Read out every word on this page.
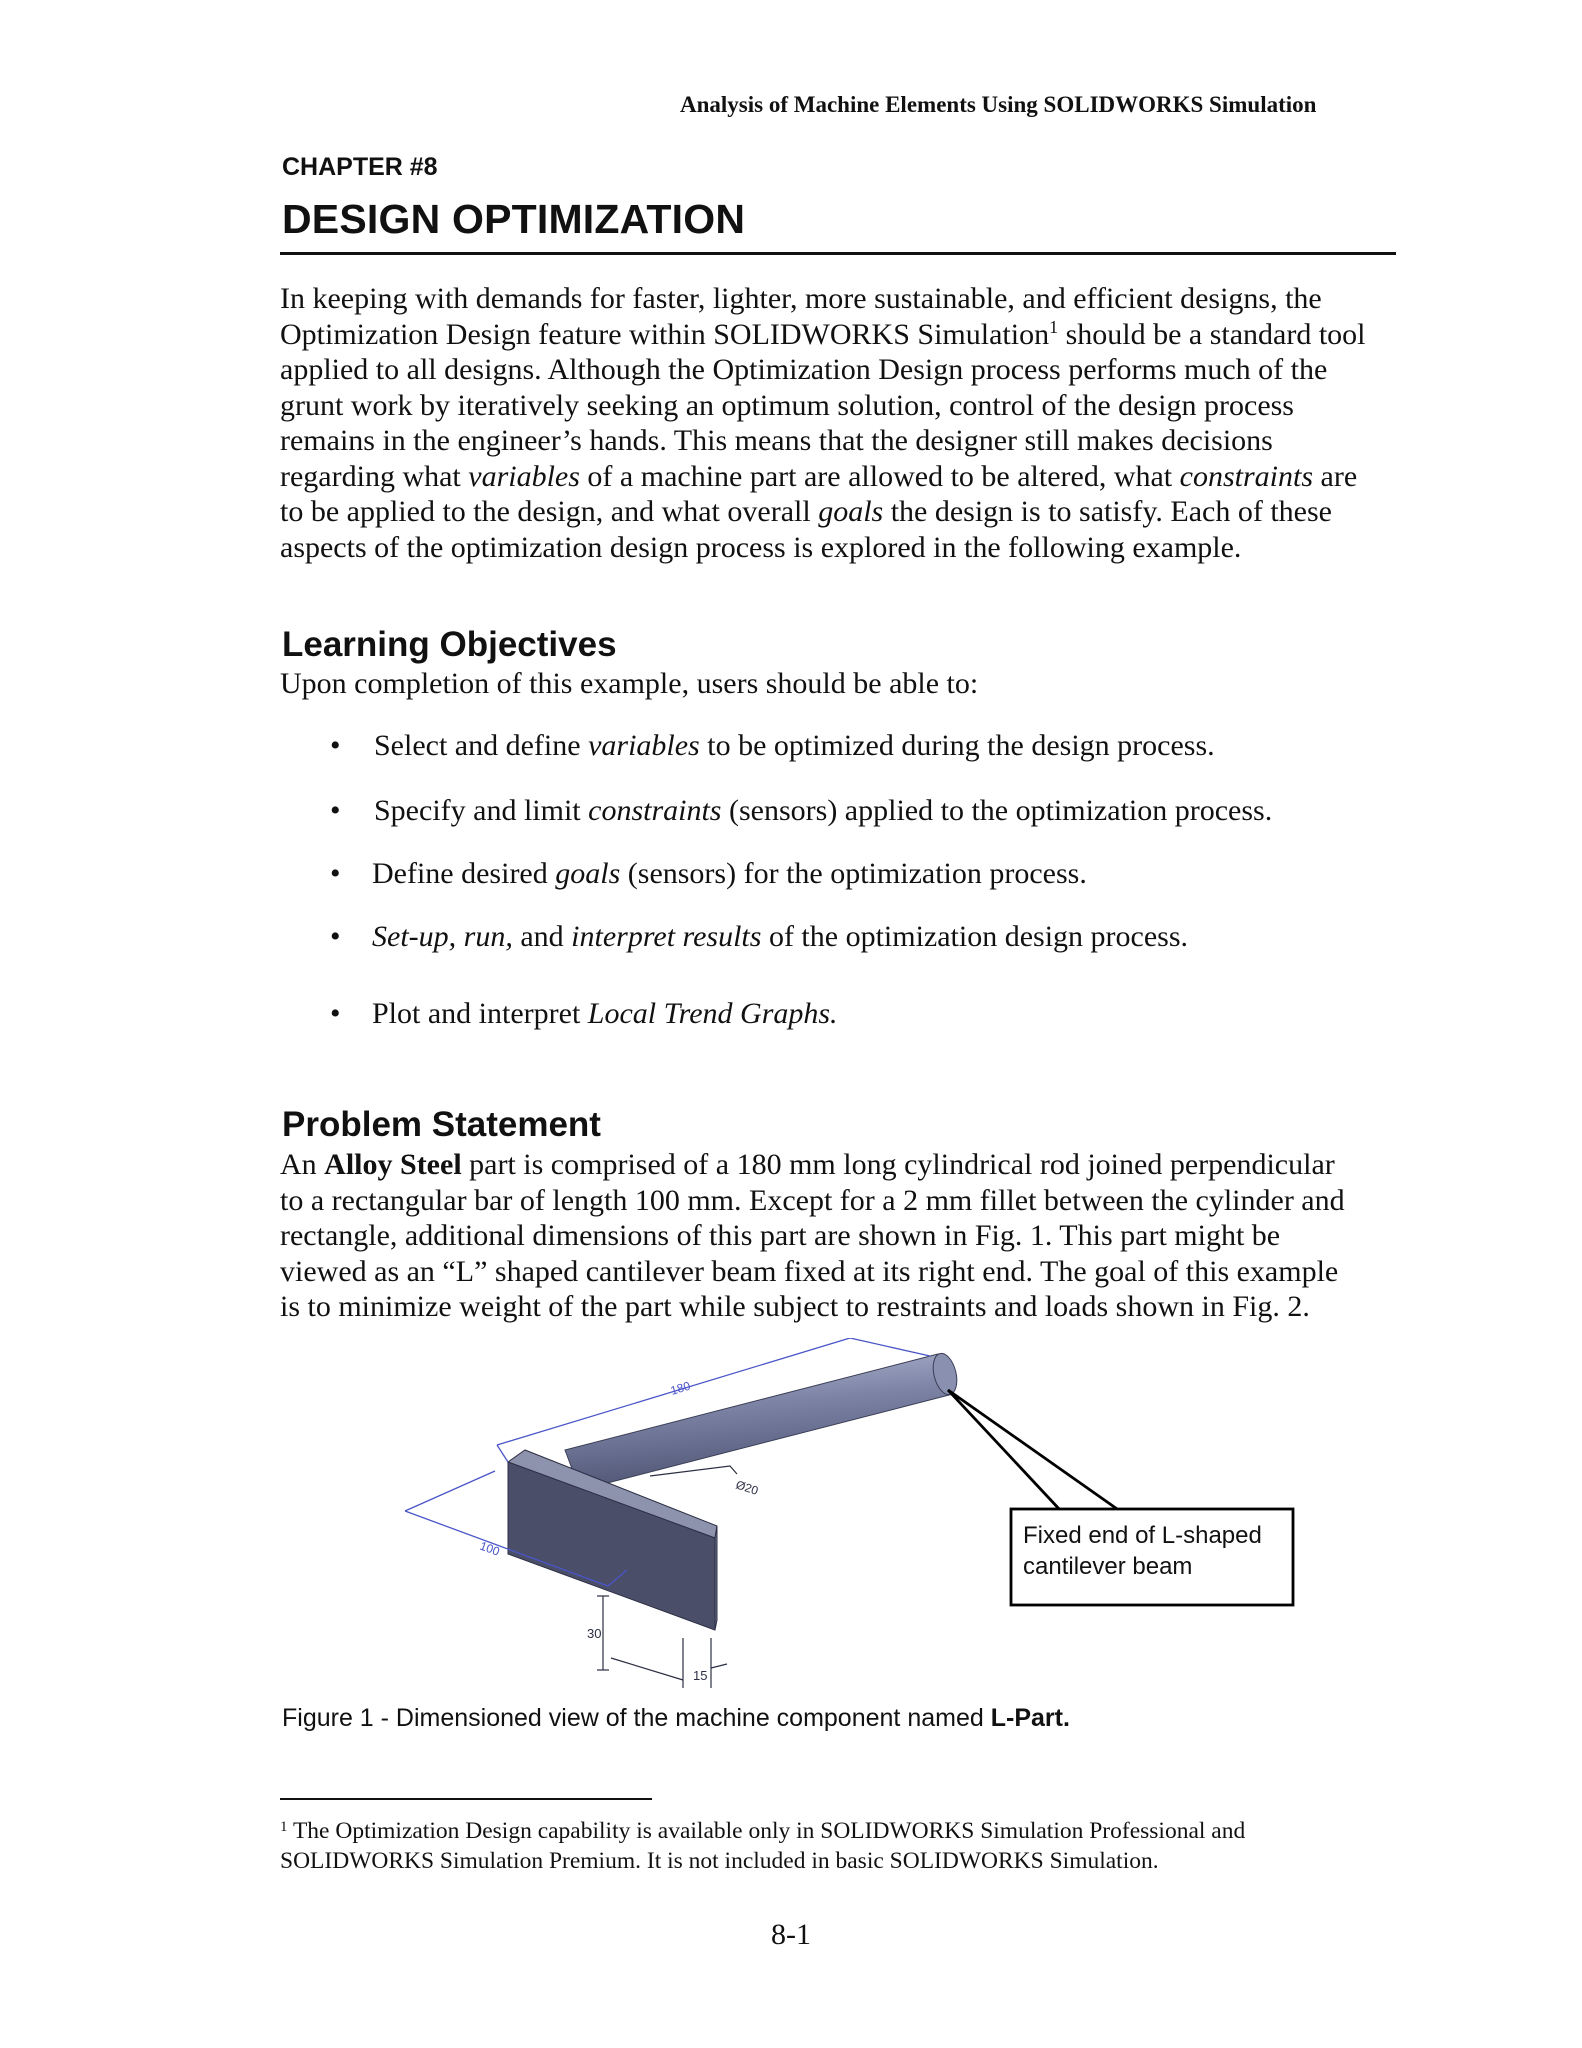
Analysis of Machine Elements Using SOLIDWORKS Simulation
CHAPTER #8
DESIGN OPTIMIZATION
In keeping with demands for faster, lighter, more sustainable, and efficient designs, the
Optimization Design feature within SOLIDWORKS Simulation$^1$ should be a standard tool
applied to all designs. Although the Optimization Design process performs much of the
grunt work by iteratively seeking an optimum solution, control of the design process
remains in the engineer’s hands. This means that the designer still makes decisions
regarding what variables of a machine part are allowed to be altered, what constraints are
to be applied to the design, and what overall goals the design is to satisfy. Each of these
aspects of the optimization design process is explored in the following example.
Learning Objectives
Upon completion of this example, users should be able to:
• Select and define variables to be optimized during the design process.
• Specify and limit constraints (sensors) applied to the optimization process.
• Define desired goals (sensors) for the optimization process.
• Set-up, run, and interpret results of the optimization design process.
• Plot and interpret Local Trend Graphs.
Problem Statement
An Alloy Steel part is comprised of a 180 mm long cylindrical rod joined perpendicular
to a rectangular bar of length 100 mm. Except for a 2 mm fillet between the cylinder and
rectangle, additional dimensions of this part are shown in Fig. 1. This part might be
viewed as an “L” shaped cantilever beam fixed at its right end. The goal of this example
is to minimize weight of the part while subject to restraints and loads shown in Fig. 2.
180
Ø20
100
30
15
Fixed end of L-shaped
cantilever beam
Figure 1 - Dimensioned view of the machine component named L-Part.
$^1$ The Optimization Design capability is available only in SOLIDWORKS Simulation Professional and
SOLIDWORKS Simulation Premium. It is not included in basic SOLIDWORKS Simulation.
8-1
